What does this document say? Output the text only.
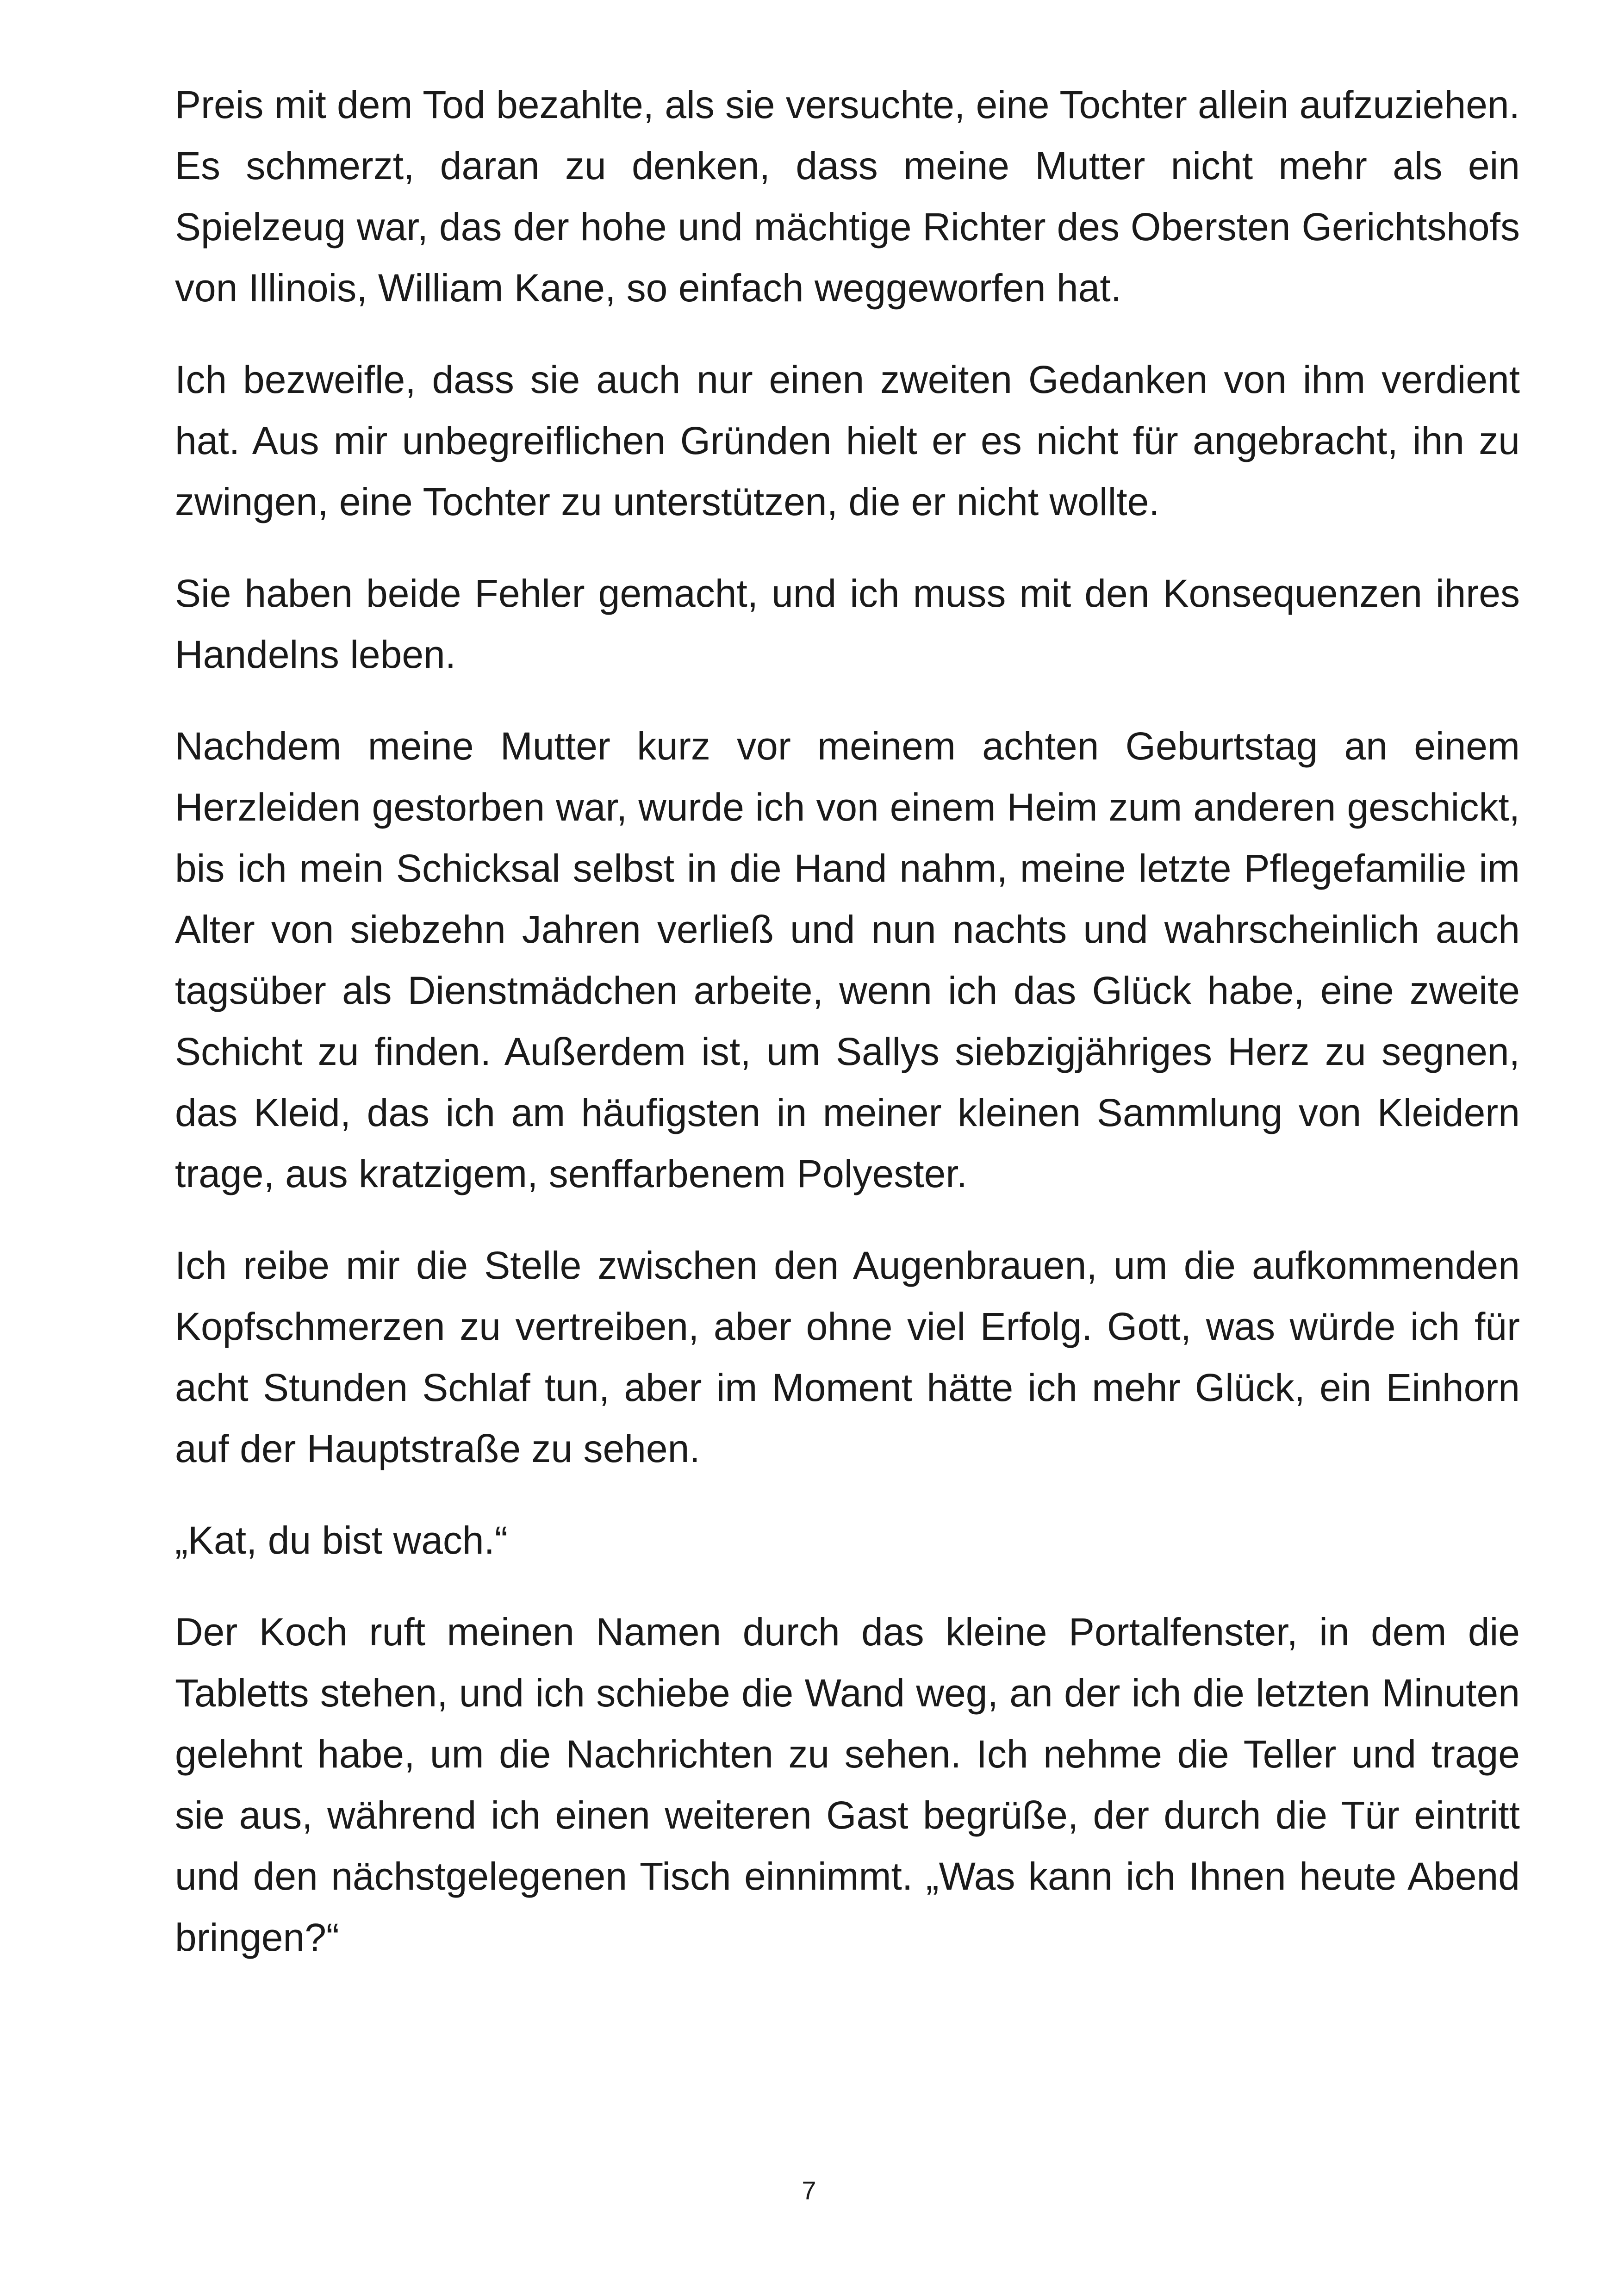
Preis mit dem Tod bezahlte, als sie versuchte, eine Tochter allein aufzuziehen. Es schmerzt, daran zu denken, dass meine Mutter nicht mehr als ein Spielzeug war, das der hohe und mächtige Richter des Obersten Gerichtshofs von Illinois, William Kane, so einfach weggeworfen hat.

Ich bezweifle, dass sie auch nur einen zweiten Gedanken von ihm verdient hat. Aus mir unbegreiflichen Gründen hielt er es nicht für angebracht, ihn zu zwingen, eine Tochter zu unterstützen, die er nicht wollte.

Sie haben beide Fehler gemacht, und ich muss mit den Konsequenzen ihres Handelns leben.

Nachdem meine Mutter kurz vor meinem achten Geburtstag an einem Herzleiden gestorben war, wurde ich von einem Heim zum anderen geschickt, bis ich mein Schicksal selbst in die Hand nahm, meine letzte Pflegefamilie im Alter von siebzehn Jahren verließ und nun nachts und wahrscheinlich auch tagsüber als Dienstmädchen arbeite, wenn ich das Glück habe, eine zweite Schicht zu finden. Außerdem ist, um Sallys siebzigjähriges Herz zu segnen, das Kleid, das ich am häufigsten in meiner kleinen Sammlung von Kleidern trage, aus kratzigem, senffarbenem Polyester.

Ich reibe mir die Stelle zwischen den Augenbrauen, um die aufkommenden Kopfschmerzen zu vertreiben, aber ohne viel Erfolg. Gott, was würde ich für acht Stunden Schlaf tun, aber im Moment hätte ich mehr Glück, ein Einhorn auf der Hauptstraße zu sehen.

„Kat, du bist wach.“

Der Koch ruft meinen Namen durch das kleine Portalfenster, in dem die Tabletts stehen, und ich schiebe die Wand weg, an der ich die letzten Minuten gelehnt habe, um die Nachrichten zu sehen. Ich nehme die Teller und trage sie aus, während ich einen weiteren Gast begrüße, der durch die Tür eintritt und den nächstgelegenen Tisch einnimmt. „Was kann ich Ihnen heute Abend bringen?“

7
